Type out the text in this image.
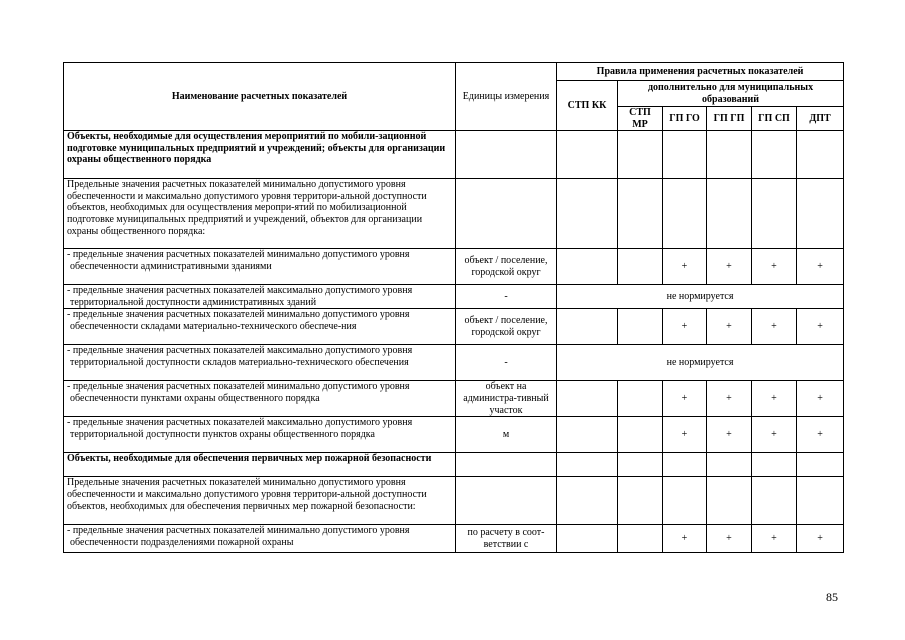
Наименование расчетных показателей	Единицы измерения	Правила применения расчетных показателей					
		СТП КК	дополнительно для муниципальных образований				
			СТП МР	ГП ГО	ГП ГП	ГП СП	ДПТ
Объекты, необходимые для осуществления мероприятий по мобили-зационной подготовке муниципальных предприятий и учреждений; объекты для организации охраны общественного порядка							
Предельные значения расчетных показателей минимально допустимого уровня обеспеченности и максимально допустимого уровня территори-альной доступности объектов, необходимых для осуществления меропри-ятий по мобилизационной подготовке муниципальных предприятий и учреждений, объектов для организации охраны общественного порядка:							
- предельные значения расчетных показателей минимально допустимого уровня обеспеченности административными зданиями	объект / поселение, городской округ			+	+	+	+
- предельные значения расчетных показателей максимально допустимого уровня территориальной доступности административных зданий	-	не нормируется					
- предельные значения расчетных показателей минимально допустимого уровня обеспеченности складами материально-технического обеспече-ния	объект / поселение, городской округ			+	+	+	+
- предельные значения расчетных показателей максимально допустимого уровня территориальной доступности складов материально-технического обеспечения	-	не нормируется					
- предельные значения расчетных показателей минимально допустимого уровня обеспеченности пунктами охраны общественного порядка	объект на администра-тивный участок			+	+	+	+
- предельные значения расчетных показателей максимально допустимого уровня территориальной доступности пунктов охраны общественного порядка	м			+	+	+	+
Объекты, необходимые для обеспечения первичных мер пожарной безопасности							
Предельные значения расчетных показателей минимально допустимого уровня обеспеченности и максимально допустимого уровня территори-альной доступности объектов, необходимых для обеспечения первичных мер пожарной безопасности:							
- предельные значения расчетных показателей минимально допустимого уровня обеспеченности подразделениями пожарной охраны	по расчету в соот-ветствии с			+	+	+	+
85
